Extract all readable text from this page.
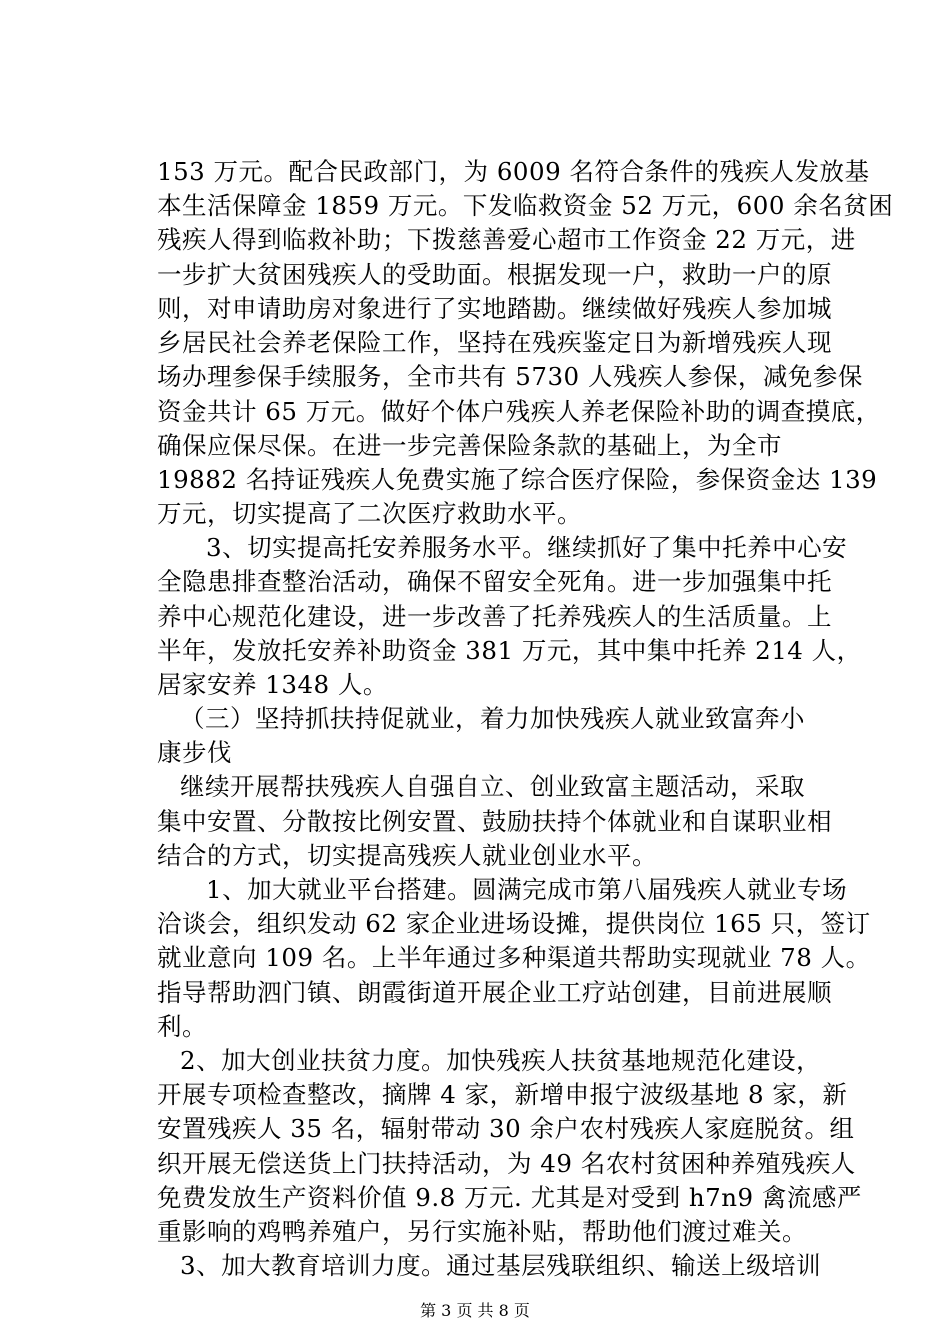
153 万元。配合民政部门，为 6009 名符合条件的残疾人发放基
本生活保障金 1859 万元。下发临救资金 52 万元，600 余名贫困
残疾人得到临救补助；下拨慈善爱心超市工作资金 22 万元，进
一步扩大贫困残疾人的受助面。根据发现一户，救助一户的原
则，对申请助房对象进行了实地踏勘。继续做好残疾人参加城
乡居民社会养老保险工作，坚持在残疾鉴定日为新增残疾人现
场办理参保手续服务，全市共有 5730 人残疾人参保，减免参保
资金共计 65 万元。做好个体户残疾人养老保险补助的调查摸底，
确保应保尽保。在进一步完善保险条款的基础上，为全市
19882 名持证残疾人免费实施了综合医疗保险，参保资金达 139
万元，切实提高了二次医疗救助水平。
3、切实提高托安养服务水平。继续抓好了集中托养中心安
全隐患排查整治活动，确保不留安全死角。进一步加强集中托
养中心规范化建设，进一步改善了托养残疾人的生活质量。上
半年，发放托安养补助资金 381 万元，其中集中托养 214 人，
居家安养 1348 人。
（三）坚持抓扶持促就业，着力加快残疾人就业致富奔小
康步伐
继续开展帮扶残疾人自强自立、创业致富主题活动，采取
集中安置、分散按比例安置、鼓励扶持个体就业和自谋职业相
结合的方式，切实提高残疾人就业创业水平。
1、加大就业平台搭建。圆满完成市第八届残疾人就业专场
洽谈会，组织发动 62 家企业进场设摊，提供岗位 165 只，签订
就业意向 109 名。上半年通过多种渠道共帮助实现就业 78 人。
指导帮助泗门镇、朗霞街道开展企业工疗站创建，目前进展顺
利。
2、加大创业扶贫力度。加快残疾人扶贫基地规范化建设，
开展专项检查整改，摘牌 4 家，新增申报宁波级基地 8 家，新
安置残疾人 35 名，辐射带动 30 余户农村残疾人家庭脱贫。组
织开展无偿送货上门扶持活动，为 49 名农村贫困种养殖残疾人
免费发放生产资料价值 9.8 万元. 尤其是对受到 h7n9 禽流感严
重影响的鸡鸭养殖户，另行实施补贴，帮助他们渡过难关。
3、加大教育培训力度。通过基层残联组织、输送上级培训
第 3 页 共 8 页
